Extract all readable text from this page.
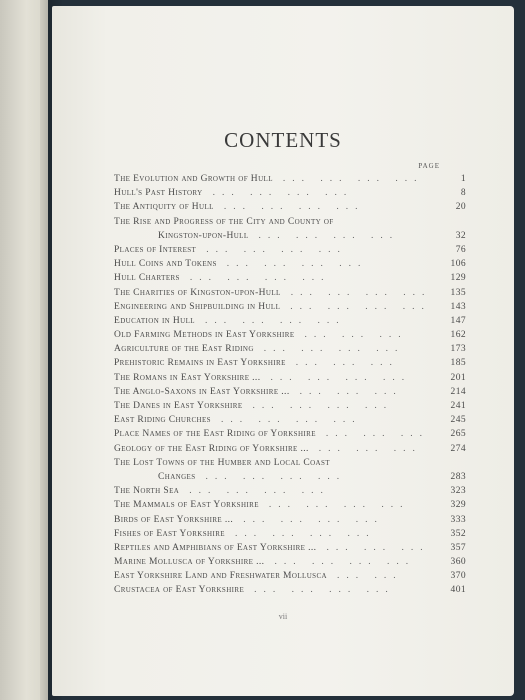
CONTENTS
PAGE
The Evolution and Growth of Hull ... ... ... ...	1
Hull's Past History ... ... ... ...	8
The Antiquity of Hull ... ... ... ...	20
The Rise and Progress of the City and County of
Kingston-upon-Hull ... ... ... ...	32
Places of Interest ... ... ... ...	76
Hull Coins and Tokens ... ... ... ...	106
Hull Charters ... ... ... ...	129
The Charities of Kingston-upon-Hull ... ... ... ... 135
Engineering and Shipbuilding in Hull ... ... ... ... 143
Education in Hull ... ... ... ...	147
Old Farming Methods in East Yorkshire ... ... ...	162
Agriculture of the East Riding ... ... ... ...	173
Prehistoric Remains in East Yorkshire ... ... ...	185
The Romans in East Yorkshire ... ... ... ... ...	201
The Anglo-Saxons in East Yorkshire ... ... ... ...	214
The Danes in East Yorkshire ... ... ... ...	241
East Riding Churches ... ... ... ...	245
Place Names of the East Riding of Yorkshire ... ... ... 265
Geology of the East Riding of Yorkshire ... ... ... ...	274
The Lost Towns of the Humber and Local Coast
Changes ... ... ... ...	283
The North Sea ... ... ... ...	323
The Mammals of East Yorkshire ... ... ... ...	329
Birds of East Yorkshire ... ... ... ... ...	333
Fishes of East Yorkshire ... ... ... ...	352
Reptiles and Amphibians of East Yorkshire ... ... ... ... 357
Marine Mollusca of Yorkshire ... ... ... ... ...	360
East Yorkshire Land and Freshwater Mollusca ... ...	370
Crustacea of East Yorkshire ... ... ... ...	401
vii
